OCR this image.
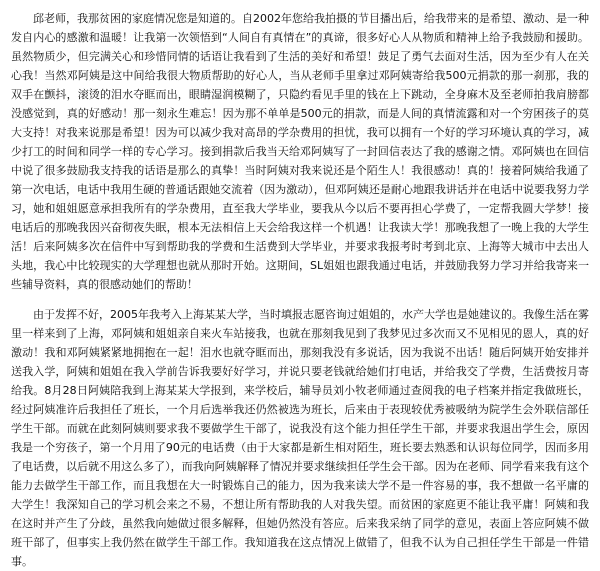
邱老师，我那贫困的家庭情况您是知道的。自2002年您给我拍摄的节目播出后，给我带来的是希望、激动、是一种发自内心的感激和温暖！让我第一次领悟到“人间自有真情在”的真谛，很多好心人从物质和精神上给予我鼓励和援助。虽然物质少，但完满关心和珍惜同情的话语让我看到了生活的美好和希望！鼓足了勇气去面对生活，因为至少有人在关心我！当然邓阿姨是这中间给我很大物质帮助的好心人，当从老师手里拿过邓阿姨寄给我500元捐款的那一刹那，我的双手在颤抖，滚烫的泪水夺眶而出，眼睛湿润模糊了，只隐约看见手里的钱在上下跳动，全身麻木及至老师拍我肩膀都没感觉到，真的好感动！那一刻永生难忘！因为那不单单是500元的捐款，而是人间的真情流露和对一个穷困孩子的莫大支持！对我来说那是希望！因为可以减少我对高昂的学杂费用的担忧，我可以拥有一个好的学习环境认真的学习，减少打工的时间和同学一样的专心学习。接到捐款后我当天给邓阿姨写了一封回信表达了我的感谢之情。邓阿姨也在回信中说了很多鼓励我支持我的话语是那么的真挚！当时阿姨对我来说还是个陌生人！我很感动！真的！接着阿姨给我通了第一次电话，电话中我用生硬的普通话跟她交流着（因为激动），但邓阿姨还是耐心地跟我讲话并在电话中说要我努力学习，她和姐姐愿意承担我所有的学杂费用，直至我大学毕业，要我从今以后不要再担心学费了，一定帮我圆大学梦！接电话后的那晚我因兴奋彻夜失眠，根本无法相信上天会给我这样一个机遇！让我读大学！那晚我想了一晚上我的大学生活！后来阿姨多次在信件中写到帮助我的学费和生活费到大学毕业，并要求我报考时考到北京、上海等大城市中去出人头地，我心中比较现实的大学理想也就从那时开始。这期间，SL姐姐也跟我通过电话，并鼓励我努力学习并给我寄来一些辅导资料，真的很感动她们的帮助！

由于发挥不好，2005年我考入上海某某大学，当时填报志愿咨询过姐姐的，水产大学也是她建议的。我像生活在雾里一样来到了上海，邓阿姨和姐姐亲自来火车站接我，也就在那刻我见到了我梦见过多次而又不见相见的恩人，真的好激动！我和邓阿姨紧紧地拥抱在一起！泪水也就夺眶而出，那刻我没有多说话，因为我说不出话！随后阿姨开始安排并送我入学，阿姨和姐姐在我入学前告诉我要好好学习，并说只要老钱就给她们打电话，并给我交了学费，生活费按月寄给我。8月28日阿姨陪我到上海某某大学报到，来学校后，辅导员刘小牧老师通过查阅我的电子档案并指定我做班长，经过阿姨准许后我担任了班长，一个月后选举我还仍然被选为班长，后来由于表现较优秀被吸纳为院学生会外联信部任学生干部。而就在此刻阿姨则要求我不要做学生干部了，说我没有这个能力担任学生干部，并要求我退出学生会，原因我是一个穷孩子，第一个月用了90元的电话费（由于大家都是新生相对陌生，班长要去熟悉和认识每位同学，因而多用了电话费，以后就不用这么多了），而我向阿姨解释了情况并要求继续担任学生会干部。因为在老师、同学看来我有这个能力去做学生干部工作，而且我想在大一时锻炼自己的能力，因为我来读大学不是一件容易的事，我不想做一名平庸的大学生！我深知自己的学习机会来之不易，不想让所有帮助我的人对我失望。而贫困的家庭更不能让我平庸！阿姨和我在这时并产生了分歧，虽然我向她做过很多解释，但她仍然没有答应。后来我采纳了同学的意见，表面上答应阿姨不做班干部了，但事实上我仍然在做学生干部工作。我知道我在这点情况上做错了，但我不认为自己担任学生干部是一件错事。
